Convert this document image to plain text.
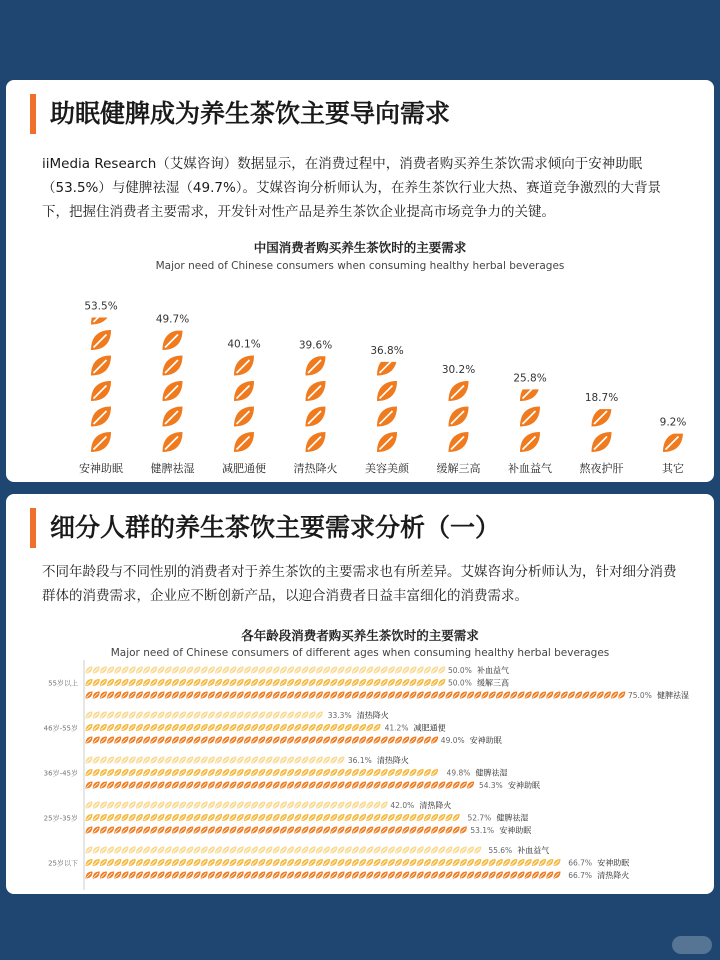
助眠健脾成为养生茶饮主要导向需求
iiMedia Research（艾媒咨询）数据显示，在消费过程中，消费者购买养生茶饮需求倾向于安神助眠（53.5%）与健脾祛湿（49.7%）。艾媒咨询分析师认为，在养生茶饮行业大热、赛道竞争激烈的大背景下，把握住消费者主要需求，开发针对性产品是养生茶饮企业提高市场竞争力的关键。
中国消费者购买养生茶饮时的主要需求
Major need of Chinese consumers when consuming healthy herbal beverages
53.5%
安神助眠
49.7%
健脾祛湿
40.1%
减肥通便
39.6%
清热降火
36.8%
美容美颜
30.2%
缓解三高
25.8%
补血益气
18.7%
熬夜护肝
9.2%
其它
细分人群的养生茶饮主要需求分析（一）
不同年龄段与不同性别的消费者对于养生茶饮的主要需求也有所差异。艾媒咨询分析师认为，针对细分消费群体的消费需求，企业应不断创新产品，以迎合消费者日益丰富细化的消费需求。
各年龄段消费者购买养生茶饮时的主要需求
Major need of Chinese consumers of different ages when consuming healthy herbal beverages
50.0% 补血益气
50.0% 缓解三高
75.0% 健脾祛湿
55岁以上
33.3% 清热降火
41.2% 减肥通便
49.0% 安神助眠
46岁-55岁
36.1% 清热降火
49.8% 健脾祛湿
54.3% 安神助眠
36岁-45岁
42.0% 清热降火
52.7% 健脾祛湿
53.1% 安神助眠
25岁-35岁
55.6% 补血益气
66.7% 安神助眠
66.7% 清热降火
25岁以下
